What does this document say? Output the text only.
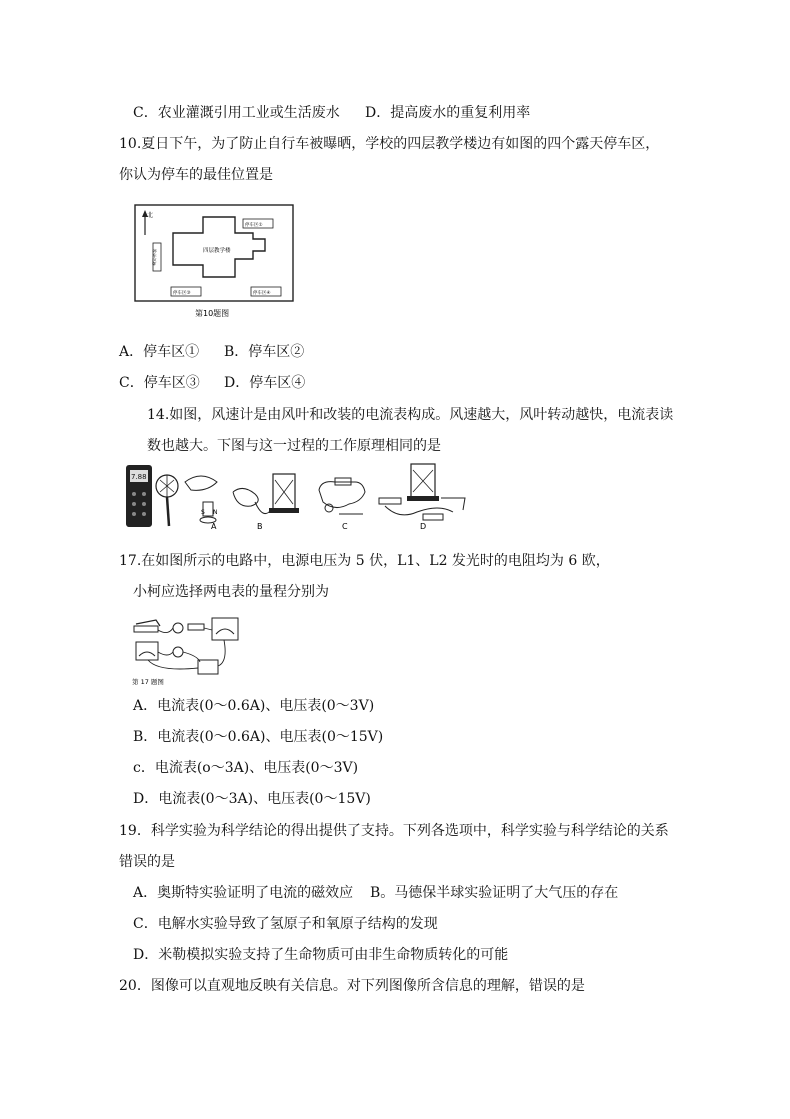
C．农业灌溉引用工业或生活废水 D．提高废水的重复利用率
10.夏日下午，为了防止自行车被曝晒，学校的四层教学楼边有如图的四个露天停车区，
你认为停车的最佳位置是
北
四层教学楼
停车区②
停车区①
停车区③	停车区④
第10题图
A．停车区① B．停车区②
C．停车区③ D．停车区④
14.如图，风速计是由风叶和改装的电流表构成。风速越大，风叶转动越快，电流表读
数也越大。下图与这一过程的工作原理相同的是
7.88
N
S
A	B	C	D
17.在如图所示的电路中，电源电压为 5 伏，L1、L2 发光时的电阻均为 6 欧，
小柯应选择两电表的量程分别为
第 17 题图
A．电流表(0～0.6A)、电压表(0～3V)
B．电流表(0～0.6A)、电压表(0～15V)
c．电流表(o～3A)、电压表(0～3V)
D．电流表(0～3A)、电压表(0～15V)
19．科学实验为科学结论的得出提供了支持。下列各选项中，科学实验与科学结论的关系
错误的是
A．奥斯特实验证明了电流的磁效应 B。马德保半球实验证明了大气压的存在
C．电解水实验导致了氢原子和氧原子结构的发现
D．米勒模拟实验支持了生命物质可由非生命物质转化的可能
20．图像可以直观地反映有关信息。对下列图像所含信息的理解，错误的是
